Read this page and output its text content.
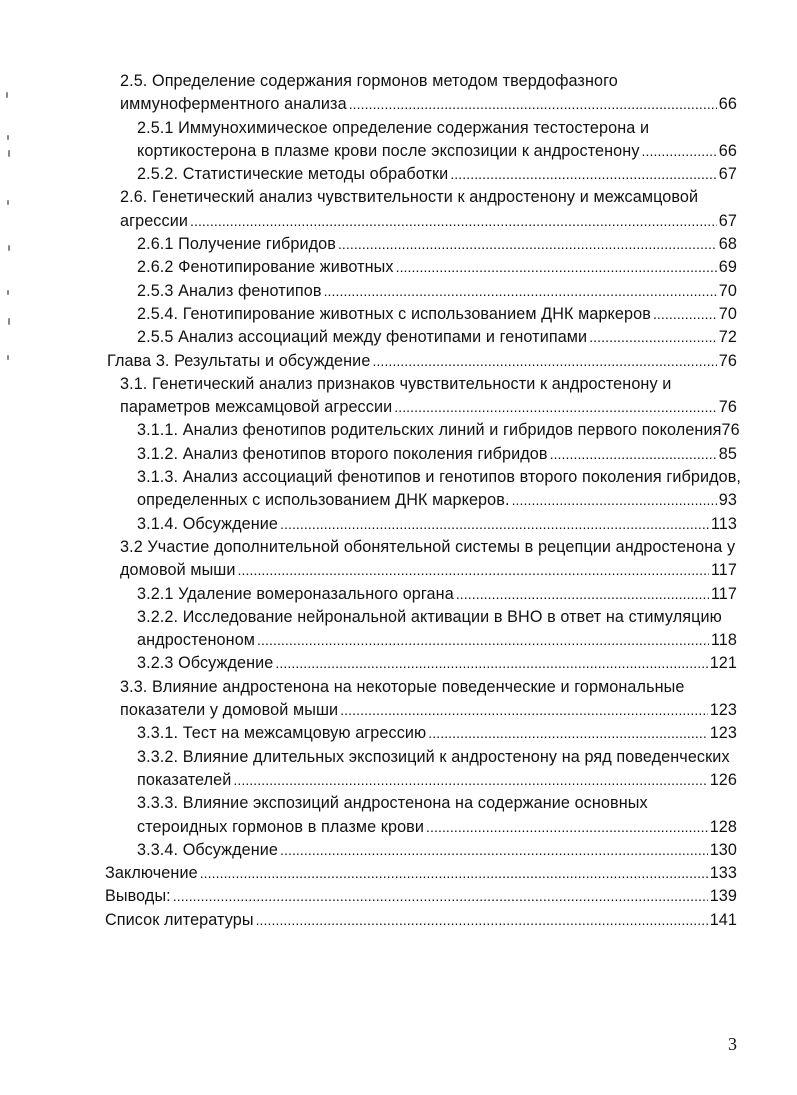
2.5. Определение содержания гормонов методом твердофазного
иммуноферментного анализа . . .	66
2.5.1 Иммунохимическое определение содержания тестостерона и
кортикостерона в плазме крови после экспозиции к андростенону . . .	66
2.5.2. Статистические методы обработки . . .	67
2.6. Генетический анализ чувствительности к андростенону и межсамцовой
агрессии . . .	67
2.6.1 Получение гибридов . . .	68
2.6.2 Фенотипирование животных . . .	69
2.5.3 Анализ фенотипов . . .	70
2.5.4. Генотипирование животных с использованием ДНК маркеров . . .	70
2.5.5 Анализ ассоциаций между фенотипами и генотипами . . .	72
Глава 3. Результаты и обсуждение . . .	76
3.1. Генетический анализ признаков чувствительности к андростенону и
параметров межсамцовой агрессии . . .	76
3.1.1. Анализ фенотипов родительских линий и гибридов первого поколения 76
3.1.2. Анализ фенотипов второго поколения гибридов . . .	85
3.1.3. Анализ ассоциаций фенотипов и генотипов второго поколения гибридов,
определенных с использованием ДНК маркеров. . . .	93
3.1.4. Обсуждение . . .	113
3.2 Участие дополнительной обонятельной системы в рецепции андростенона у
домовой мыши . . .	117
3.2.1 Удаление вомероназального органа . . .	117
3.2.2. Исследование нейрональной активации в ВНО в ответ на стимуляцию
андростеноном . . .	118
3.2.3 Обсуждение . . .	121
3.3. Влияние андростенона на некоторые поведенческие и гормональные
показатели у домовой мыши . . .	123
3.3.1. Тест на межсамцовую агрессию . . .	123
3.3.2. Влияние длительных экспозиций к андростенону на ряд поведенческих
показателей . . .	126
3.3.3. Влияние экспозиций андростенона на содержание основных
стероидных гормонов в плазме крови . . .	128
3.3.4. Обсуждение . . .	130
Заключение . . .	133
Выводы: . . .	139
Список литературы . . .	141
3
